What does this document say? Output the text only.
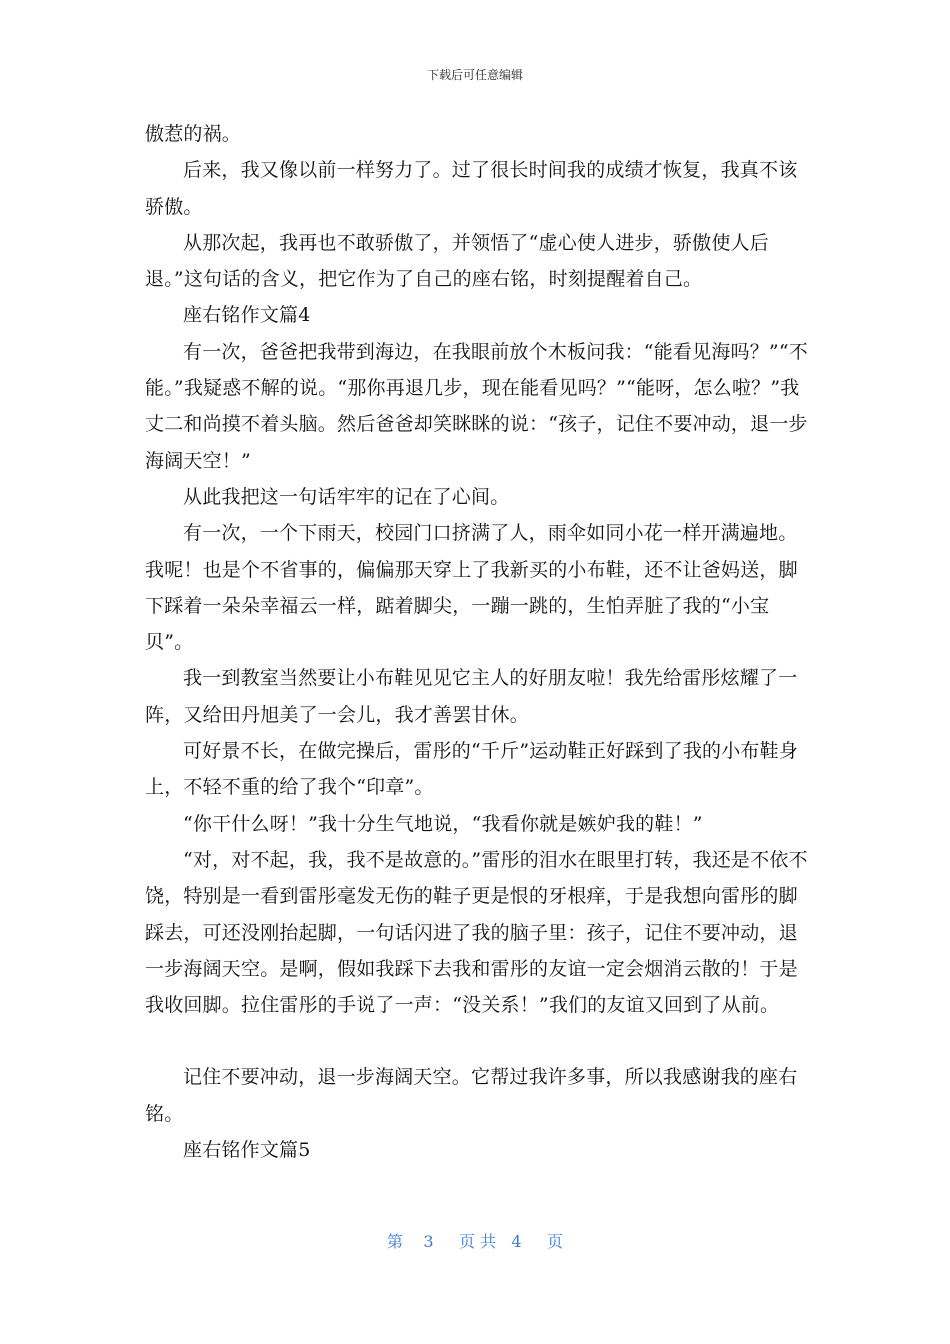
下载后可任意编辑

傲惹的祸。

后来，我又像以前一样努力了。过了很长时间我的成绩才恢复，我真不该骄傲。

从那次起，我再也不敢骄傲了，并领悟了“虚心使人进步，骄傲使人后退。”这句话的含义，把它作为了自己的座右铭，时刻提醒着自己。

座右铭作文篇4

有一次，爸爸把我带到海边，在我眼前放个木板问我：“能看见海吗？”“不能。”我疑惑不解的说。“那你再退几步，现在能看见吗？”“能呀，怎么啦？”我丈二和尚摸不着头脑。然后爸爸却笑眯眯的说：“孩子，记住不要冲动，退一步海阔天空！”

从此我把这一句话牢牢的记在了心间。

有一次，一个下雨天，校园门口挤满了人，雨伞如同小花一样开满遍地。我呢！也是个不省事的，偏偏那天穿上了我新买的小布鞋，还不让爸妈送，脚下踩着一朵朵幸福云一样，踮着脚尖，一蹦一跳的，生怕弄脏了我的“小宝贝”。

我一到教室当然要让小布鞋见见它主人的好朋友啦！我先给雷彤炫耀了一阵，又给田丹旭美了一会儿，我才善罢甘休。

可好景不长，在做完操后，雷彤的“千斤”运动鞋正好踩到了我的小布鞋身上，不轻不重的给了我个“印章”。

“你干什么呀！”我十分生气地说，“我看你就是嫉妒我的鞋！”

“对，对不起，我，我不是故意的。”雷彤的泪水在眼里打转，我还是不依不饶，特别是一看到雷彤毫发无伤的鞋子更是恨的牙根痒，于是我想向雷彤的脚踩去，可还没刚抬起脚，一句话闪进了我的脑子里：孩子，记住不要冲动，退一步海阔天空。是啊，假如我踩下去我和雷彤的友谊一定会烟消云散的！于是我收回脚。拉住雷彤的手说了一声：“没关系！”我们的友谊又回到了从前。

记住不要冲动，退一步海阔天空。它帮过我许多事，所以我感谢我的座右铭。

座右铭作文篇5

第 3 页 共 4 页
